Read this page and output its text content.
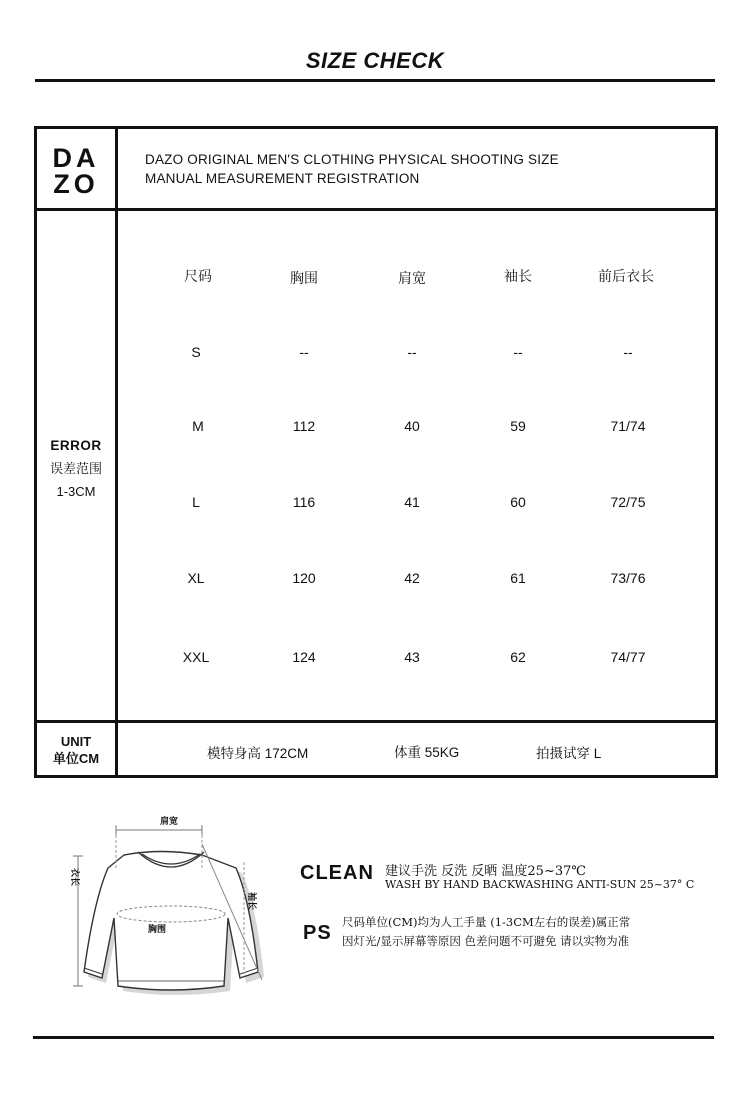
SIZE CHECK
DA
ZO
DAZO ORIGINAL MEN'S CLOTHING PHYSICAL SHOOTING SIZE
MANUAL MEASUREMENT REGISTRATION
ERROR
误差范围
1-3CM
尺码	胸围	肩宽	袖长	前后衣长
S	--	--	--	--
M	112	40	59	71/74
L	116	41	60	72/75
XL	120	42	61	73/76
XXL	124	43	62	74/77
UNIT
单位CM	模特身高 172CM	体重 55KG	拍摄试穿 L
肩宽
衣长
袖长
胸围
CLEAN 建议手洗 反洗 反晒 温度25~37℃
WASH BY HAND BACKWASHING ANTI-SUN 25~37° C
PS 尺码单位(CM)均为人工手量 (1-3CM左右的误差)属正常
因灯光/显示屏幕等原因 色差问题不可避免 请以实物为准
